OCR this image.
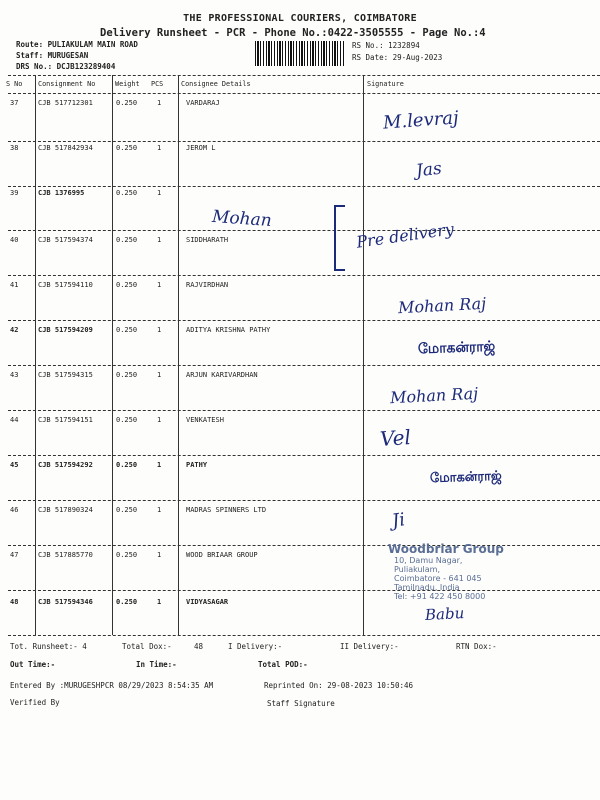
THE PROFESSIONAL COURIERS, COIMBATORE
Delivery Runsheet - PCR - Phone No.:0422-3505555 - Page No.:4
Route: PULIAKULAM MAIN ROAD
Staff: MURUGESAN
DRS No.: DCJB123289404
RS No.: 1232894
RS Date: 29-Aug-2023
S No Consignment No	Weight PCS	Consignee Details	Signature
37	CJB 517712301	0.250	1	VARDARAJ
38	CJB 517842934	0.250	1	JEROM L
39	CJB 1376995	0.250	1
40	CJB 517594374	0.250	1	SIDDHARATH
41	CJB 517594110	0.250	1	RAJVIRDHAN
42	CJB 517594209	0.250	1	ADITYA KRISHNA PATHY
43	CJB 517594315	0.250	1	ARJUN KARIVARDHAN
44	CJB 517594151	0.250	1	VENKATESH
45	CJB 517594292	0.250	1	PATHY
46	CJB 517890324	0.250	1	MADRAS SPINNERS LTD
47	CJB 517885770	0.250	1	WOOD BRIAAR GROUP
48	CJB 517594346	0.250	1	VIDYASAGAR
M.levraj
Jas
Mohan
Pre delivery
Mohan Raj
மோகன்ராஜ்
Mohan Raj
Vel
மோகன்ராஜ்
Ji
Babu
Woodbriar Group
10, Damu Nagar,
Puliakulam,
Coimbatore - 641 045
Tamilnadu, India
Tel: +91 422 450 8000
Tot. Runsheet:- 4	Total Dox:-	48	I Delivery:-	II Delivery:-	RTN Dox:-
Out Time:-	In Time:-	Total POD:-
Entered By :MURUGESHPCR 08/29/2023 8:54:35 AM	Reprinted On: 29-08-2023 10:50:46
Verified By	Staff Signature
